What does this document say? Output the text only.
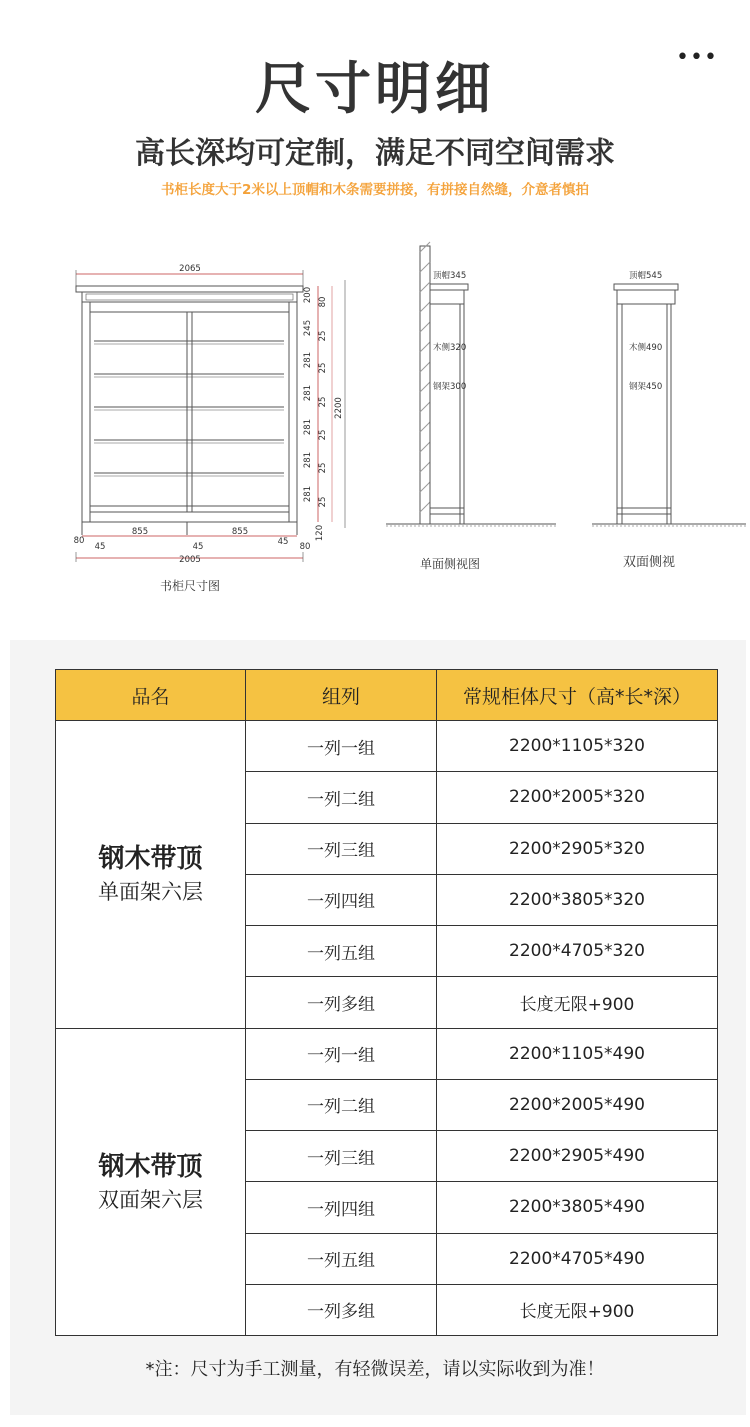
•••
尺寸明细
高长深均可定制，满足不同空间需求
书柜长度大于2米以上顶帽和木条需要拼接，有拼接自然缝，介意者慎拍
2065
855	855
80
80
45	45	45
2005
2200
200 80
245 25
281 25
281
25
281 25
281 25
281 25
120
书柜尺寸图
顶帽345
木侧320
钢架300
单面侧视图
顶帽545
木侧490
钢架450
双面侧视
品名	组列	常规柜体尺寸（高*长*深）

钢木带顶
单面架六层	一列一组	2200*1105*320
	一列二组	2200*2005*320
	一列三组	2200*2905*320
	一列四组	2200*3805*320
	一列五组	2200*4705*320
	一列多组	长度无限+900

钢木带顶
双面架六层	一列一组	2200*1105*490
	一列二组	2200*2005*490
	一列三组	2200*2905*490
	一列四组	2200*3805*490
	一列五组	2200*4705*490
	一列多组	长度无限+900
*注：尺寸为手工测量，有轻微误差，请以实际收到为准！
